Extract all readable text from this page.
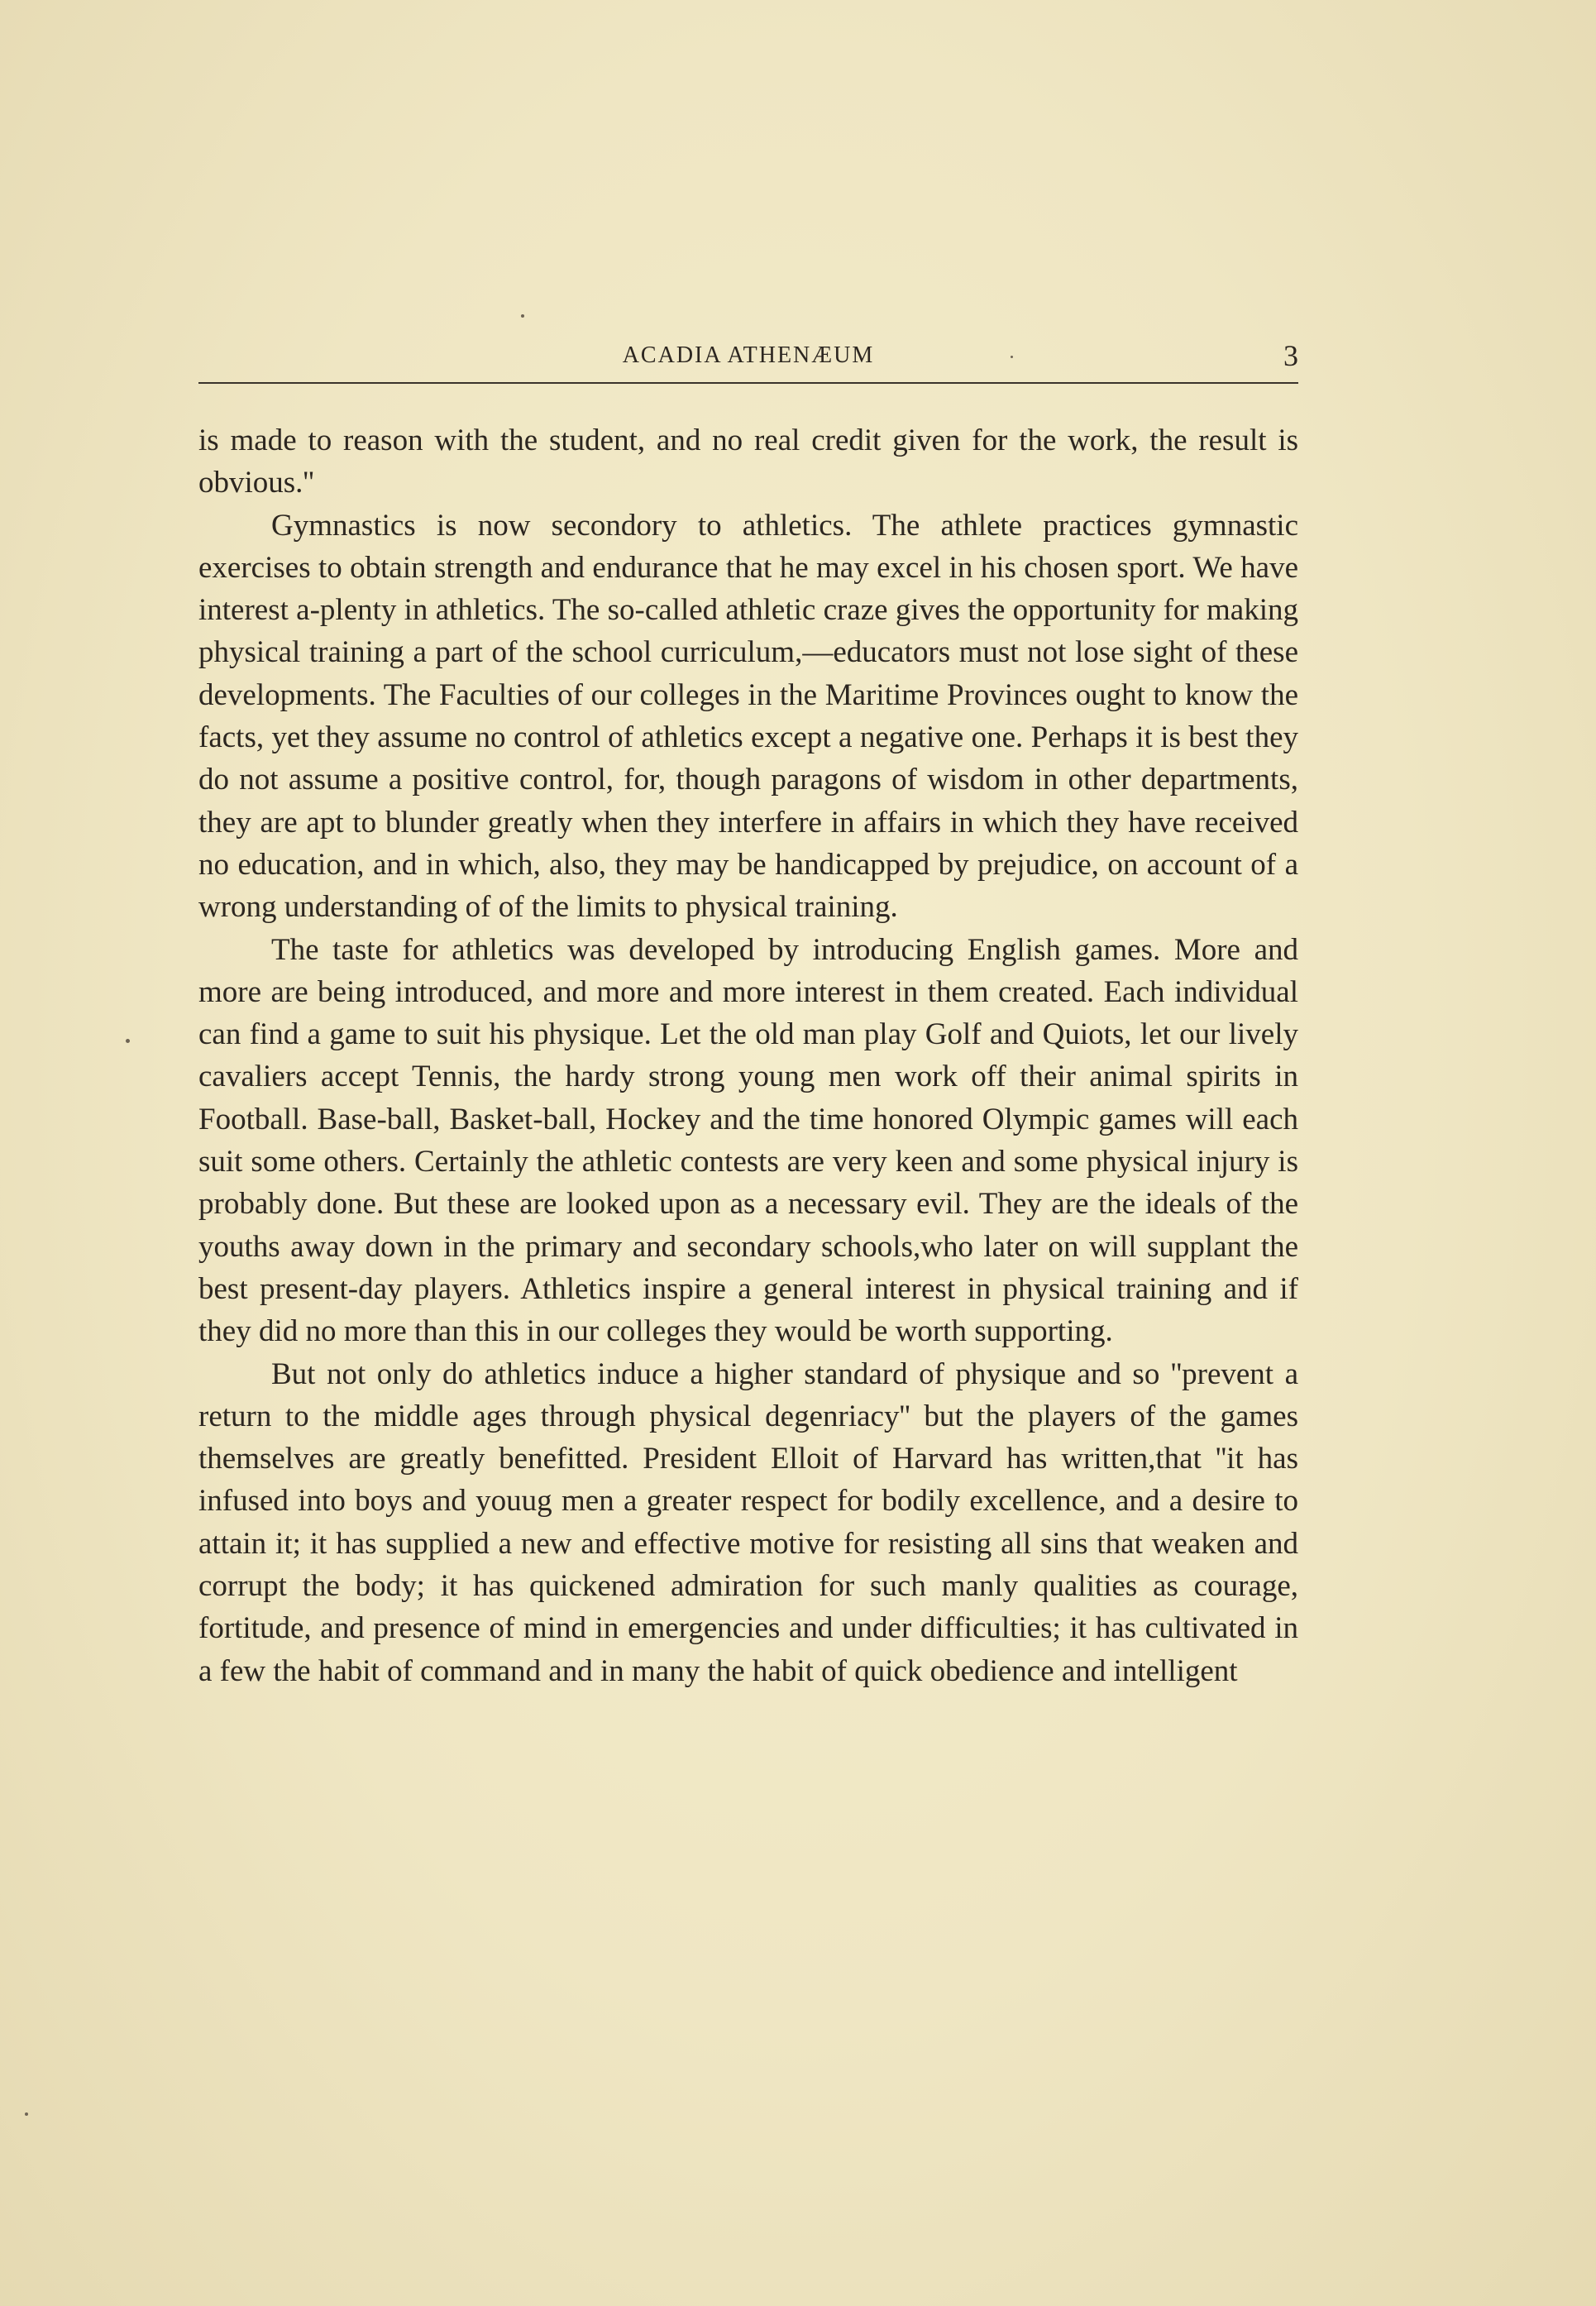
ACADIA ATHENÆUM	3

is made to reason with the student, and no real credit given for the work, the result is obvious.''

Gymnastics is now secondory to athletics. The athlete practices gymnastic exercises to obtain strength and endurance that he may excel in his chosen sport. We have interest a-plenty in athletics. The so-called athletic craze gives the opportunity for making physical training a part of the school curriculum,—educators must not lose sight of these developments. The Faculties of our colleges in the Maritime Provinces ought to know the facts, yet they assume no control of athletics except a negative one. Perhaps it is best they do not assume a positive control, for, though paragons of wisdom in other departments, they are apt to blunder greatly when they interfere in affairs in which they have received no education, and in which, also, they may be handicapped by prejudice, on account of a wrong understanding of of the limits to physical training.

The taste for athletics was developed by introducing English games. More and more are being introduced, and more and more interest in them created. Each individual can find a game to suit his physique. Let the old man play Golf and Quiots, let our lively cavaliers accept Tennis, the hardy strong young men work off their animal spirits in Football. Base-ball, Basket-ball, Hockey and the time honored Olympic games will each suit some others. Certainly the athletic contests are very keen and some physical injury is probably done. But these are looked upon as a necessary evil. They are the ideals of the youths away down in the primary and secondary schools,who later on will supplant the best present-day players. Athletics inspire a general interest in physical training and if they did no more than this in our colleges they would be worth supporting.

But not only do athletics induce a higher standard of physique and so ''prevent a return to the middle ages through physical degenriacy'' but the players of the games themselves are greatly benefitted. President Elloit of Harvard has written,that ''it has infused into boys and youug men a greater respect for bodily excellence, and a desire to attain it; it has supplied a new and effective motive for resisting all sins that weaken and corrupt the body; it has quickened admiration for such manly qualities as courage, fortitude, and presence of mind in emergencies and under difficulties; it has cultivated in a few the habit of command and in many the habit of quick obedience and intelligent
